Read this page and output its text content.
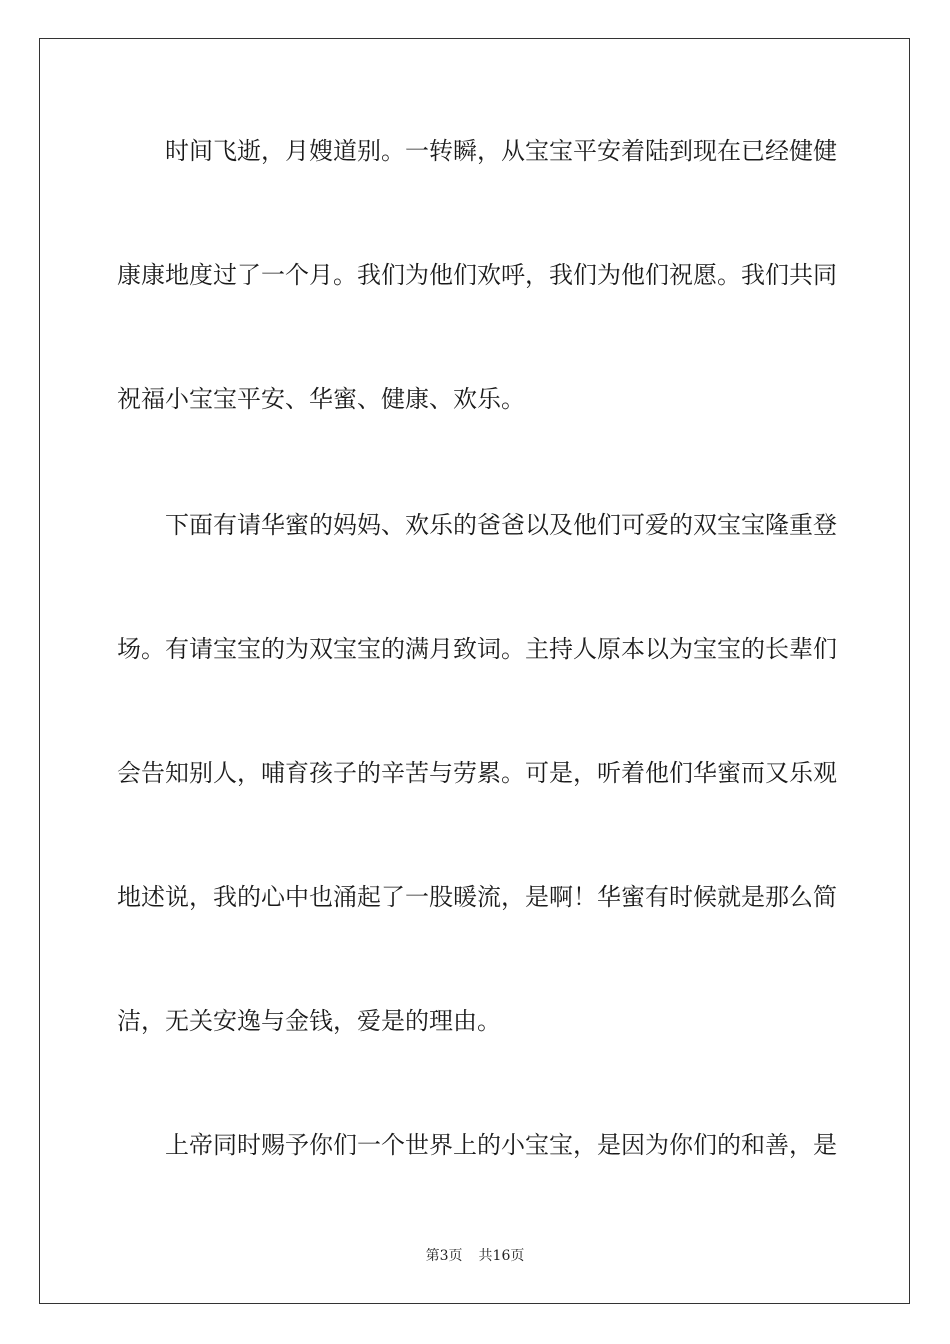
时间飞逝，月嫂道别。一转瞬，从宝宝平安着陆到现在已经健健
康康地度过了一个月。我们为他们欢呼，我们为他们祝愿。我们共同
祝福小宝宝平安、华蜜、健康、欢乐。
下面有请华蜜的妈妈、欢乐的爸爸以及他们可爱的双宝宝隆重登
场。有请宝宝的为双宝宝的满月致词。主持人原本以为宝宝的长辈们
会告知别人，哺育孩子的辛苦与劳累。可是，听着他们华蜜而又乐观
地述说，我的心中也涌起了一股暖流，是啊！华蜜有时候就是那么简
洁，无关安逸与金钱，爱是的理由。
上帝同时赐予你们一个世界上的小宝宝，是因为你们的和善，是
第3页 共16页
